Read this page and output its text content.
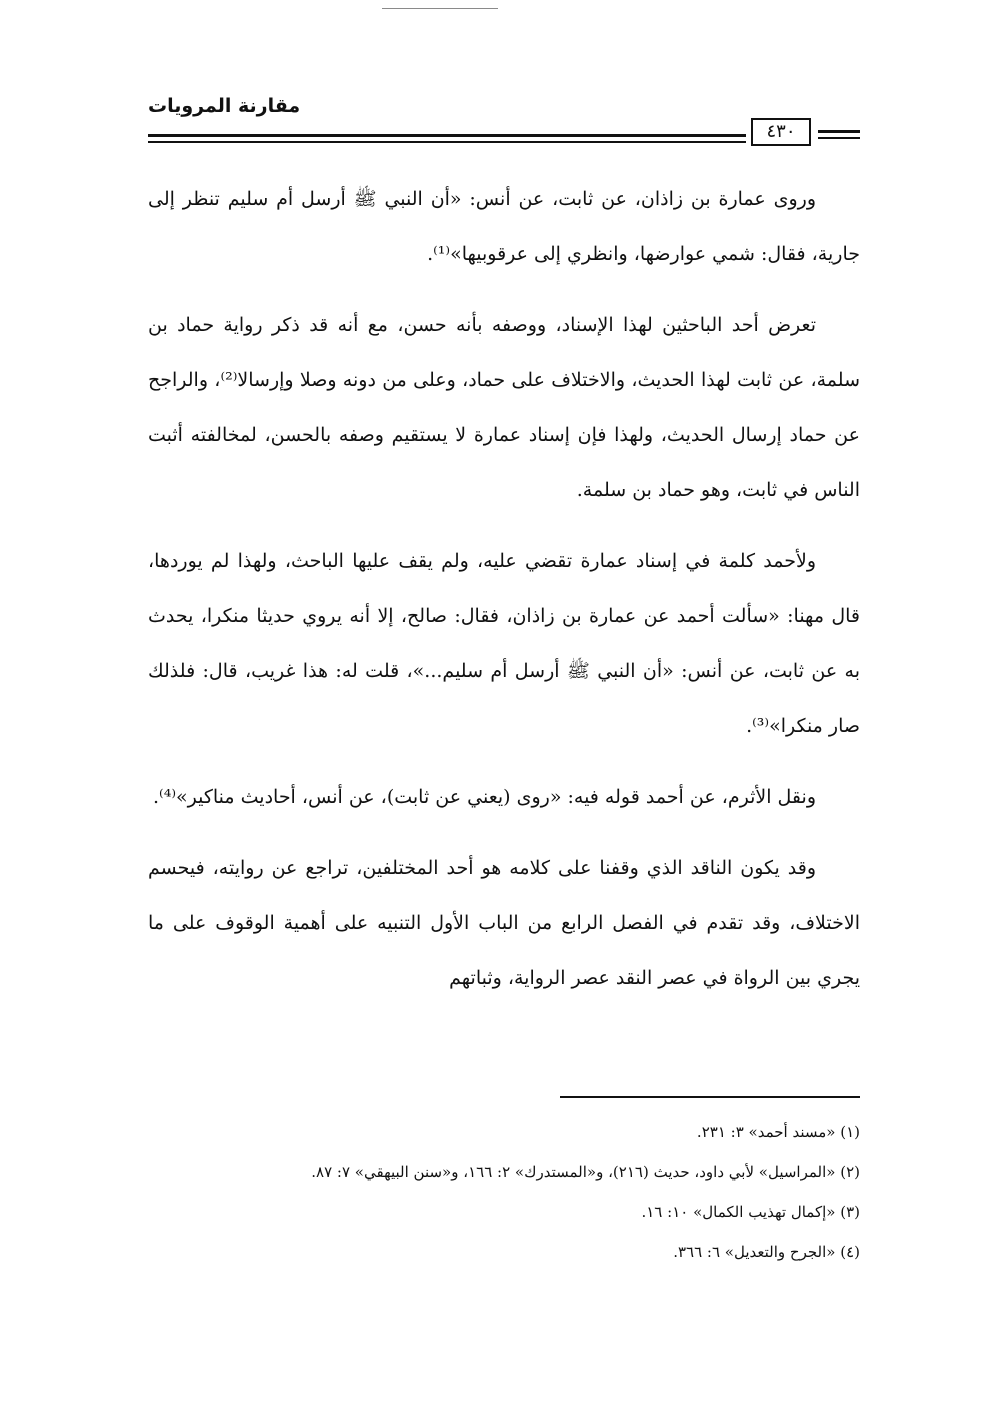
مقارنة المرويات
٤٣٠

وروى عمارة بن زاذان، عن ثابت، عن أنس: «أن النبي ﷺ أرسل أم سليم تنظر إلى جارية، فقال: شمي عوارضها، وانظري إلى عرقوبيها»⁽¹⁾.

تعرض أحد الباحثين لهذا الإسناد، ووصفه بأنه حسن، مع أنه قد ذكر رواية حماد بن سلمة، عن ثابت لهذا الحديث، والاختلاف على حماد، وعلى من دونه وصلا وإرسالا⁽²⁾، والراجح عن حماد إرسال الحديث، ولهذا فإن إسناد عمارة لا يستقيم وصفه بالحسن، لمخالفته أثبت الناس في ثابت، وهو حماد بن سلمة.

ولأحمد كلمة في إسناد عمارة تقضي عليه، ولم يقف عليها الباحث، ولهذا لم يوردها، قال مهنا: «سألت أحمد عن عمارة بن زاذان، فقال: صالح، إلا أنه يروي حديثا منكرا، يحدث به عن ثابت، عن أنس: «أن النبي ﷺ أرسل أم سليم...»، قلت له: هذا غريب، قال: فلذلك صار منكرا»⁽³⁾.

ونقل الأثرم، عن أحمد قوله فيه: «روى (يعني عن ثابت)، عن أنس، أحاديث مناكير»⁽⁴⁾.

وقد يكون الناقد الذي وقفنا على كلامه هو أحد المختلفين، تراجع عن روايته، فيحسم الاختلاف، وقد تقدم في الفصل الرابع من الباب الأول التنبيه على أهمية الوقوف على ما يجري بين الرواة في عصر النقد عصر الرواية، وثباتهم

(١) «مسند أحمد» ٣: ٢٣١.
(٢) «المراسيل» لأبي داود، حديث (٢١٦)، و«المستدرك» ٢: ١٦٦، و«سنن البيهقي» ٧: ٨٧.
(٣) «إكمال تهذيب الكمال» ١٠: ١٦.
(٤) «الجرح والتعديل» ٦: ٣٦٦.
